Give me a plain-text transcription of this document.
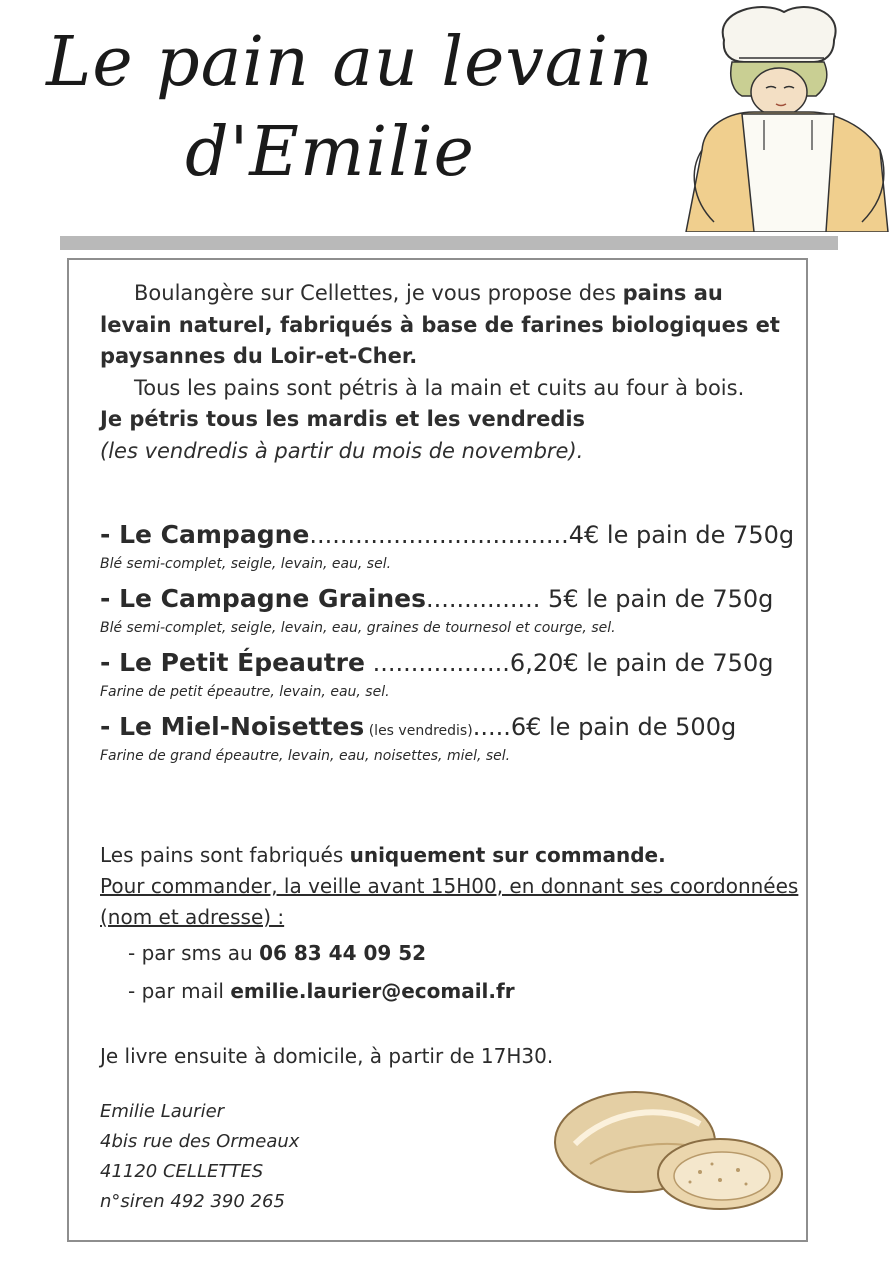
Le pain au levain
d'Emilie

Boulangère sur Cellettes, je vous propose des pains au levain naturel, fabriqués à base de farines biologiques et paysannes du Loir-et-Cher.

Tous les pains sont pétris à la main et cuits au four à bois.

Je pétris tous les mardis et les vendredis

(les vendredis à partir du mois de novembre).

- Le Campagne..................................4€ le pain de 750g
Blé semi-complet, seigle, levain, eau, sel.
- Le Campagne Graines............... 5€ le pain de 750g
Blé semi-complet, seigle, levain, eau, graines de tournesol et courge, sel.
- Le Petit Épeautre ..................6,20€ le pain de 750g
Farine de petit épeautre, levain, eau, sel.
- Le Miel-Noisettes (les vendredis).....6€ le pain de 500g
Farine de grand épeautre, levain, eau, noisettes, miel, sel.

Les pains sont fabriqués uniquement sur commande.

Pour commander, la veille avant 15H00, en donnant ses coordonnées (nom et adresse) :

- par sms au 06 83 44 09 52
- par mail emilie.laurier@ecomail.fr
Je livre ensuite à domicile, à partir de 17H30.
Emilie Laurier
4bis rue des Ormeaux
41120 CELLETTES
n°siren 492 390 265
